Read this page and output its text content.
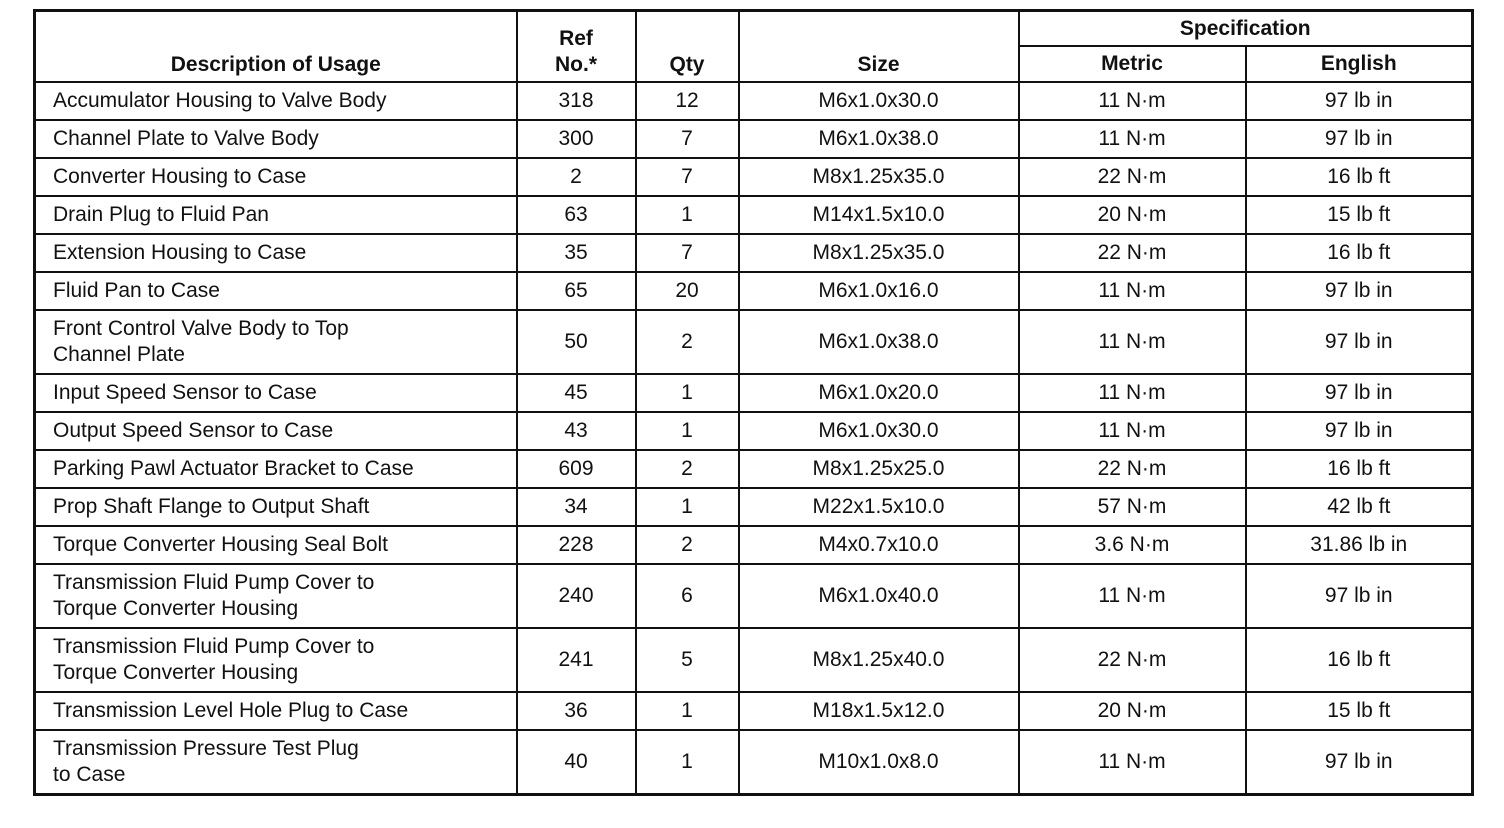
Description of Usage	Ref
No.*	Qty	Size	Specification	
				Metric	English
Accumulator Housing to Valve Body	318	12	M6x1.0x30.0	11 N·m	97 lb in
Channel Plate to Valve Body	300	7	M6x1.0x38.0	11 N·m	97 lb in
Converter Housing to Case	2	7	M8x1.25x35.0	22 N·m	16 lb ft
Drain Plug to Fluid Pan	63	1	M14x1.5x10.0	20 N·m	15 lb ft
Extension Housing to Case	35	7	M8x1.25x35.0	22 N·m	16 lb ft
Fluid Pan to Case	65	20	M6x1.0x16.0	11 N·m	97 lb in
Front Control Valve Body to Top
Channel Plate	50	2	M6x1.0x38.0	11 N·m	97 lb in
Input Speed Sensor to Case	45	1	M6x1.0x20.0	11 N·m	97 lb in
Output Speed Sensor to Case	43	1	M6x1.0x30.0	11 N·m	97 lb in
Parking Pawl Actuator Bracket to Case	609	2	M8x1.25x25.0	22 N·m	16 lb ft
Prop Shaft Flange to Output Shaft	34	1	M22x1.5x10.0	57 N·m	42 lb ft
Torque Converter Housing Seal Bolt	228	2	M4x0.7x10.0	3.6 N·m	31.86 lb in
Transmission Fluid Pump Cover to
Torque Converter Housing	240	6	M6x1.0x40.0	11 N·m	97 lb in
Transmission Fluid Pump Cover to
Torque Converter Housing	241	5	M8x1.25x40.0	22 N·m	16 lb ft
Transmission Level Hole Plug to Case	36	1	M18x1.5x12.0	20 N·m	15 lb ft
Transmission Pressure Test Plug
to Case	40	1	M10x1.0x8.0	11 N·m	97 lb in
